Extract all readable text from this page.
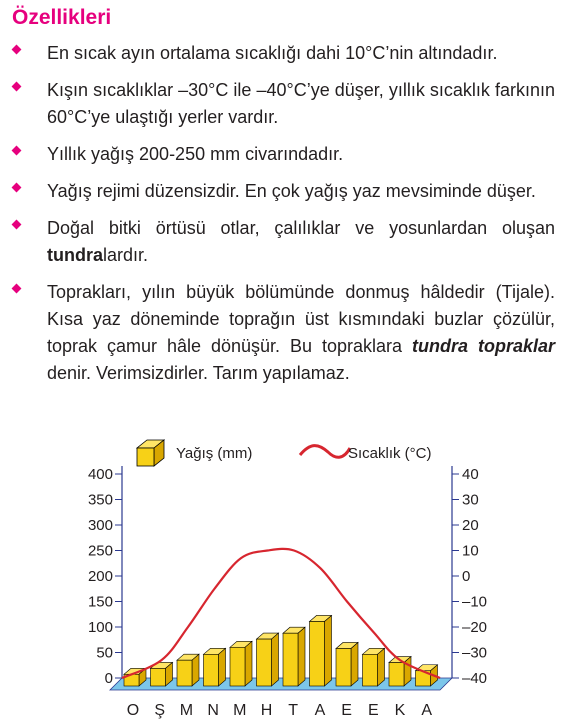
Özellikleri
En sıcak ayın ortalama sıcaklığı dahi 10°C’nin altındadır.
Kışın sıcaklıklar –30°C ile –40°C’ye düşer, yıllık sıcaklık farkının 60°C’ye ulaştığı yerler vardır.
Yıllık yağış 200-250 mm civarındadır.
Yağış rejimi düzensizdir. En çok yağış yaz mevsiminde düşer.
Doğal bitki örtüsü otlar, çalılıklar ve yosunlardan oluşan tundralardır.
Toprakları, yılın büyük bölümünde donmuş hâldedir (Tijale). Kısa yaz döneminde toprağın üst kısmındaki buzlar çözülür, toprak çamur hâle dönüşür. Bu topraklara tundra topraklar denir. Verimsizdirler. Tarım yapılamaz.
Yağış (mm)	Sıcaklık (°C)
0
50
100
150
200
250
300
350
400
–40
–30
–20
–10
0
10
20
30
40
O Ş M N M H T A E E K A
